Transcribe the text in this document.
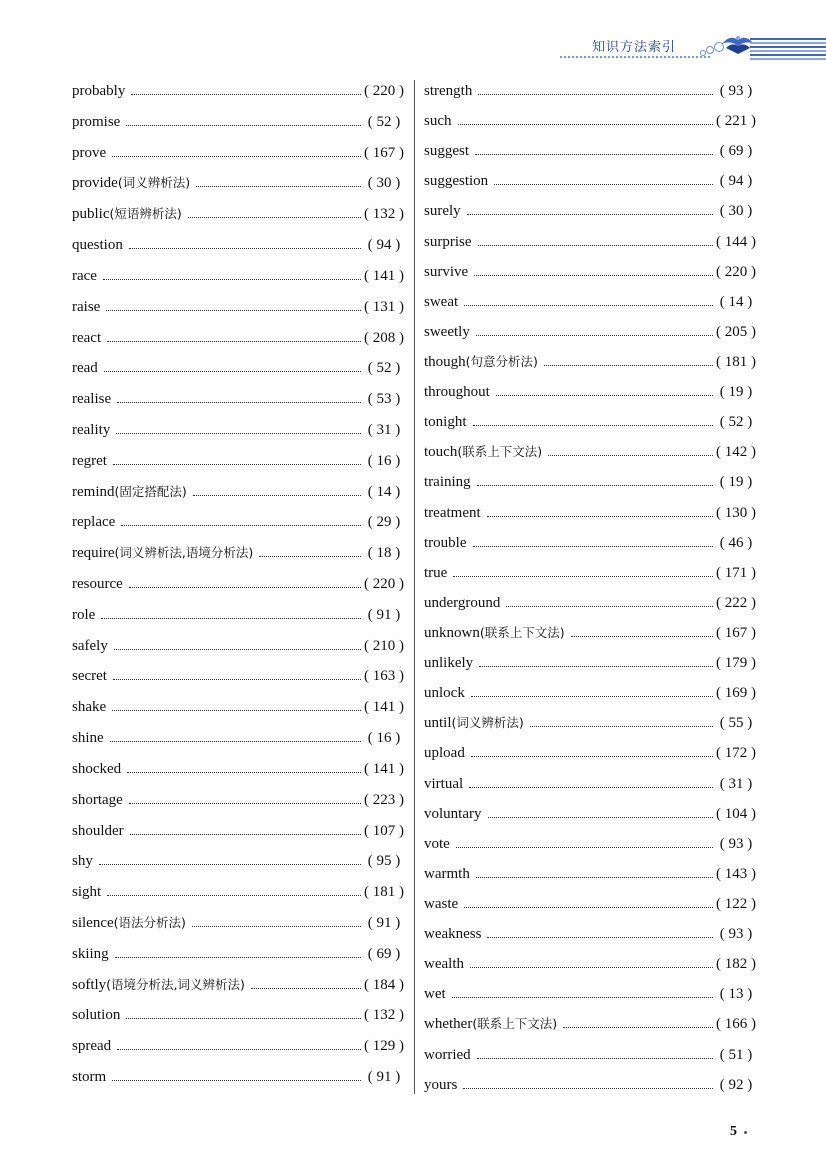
知识方法索引
probably	( 220 )
promise	( 52 )
prove	( 167 )
provide(词义辨析法)	( 30 )
public(短语辨析法)	( 132 )
question	( 94 )
race	( 141 )
raise	( 131 )
react	( 208 )
read	( 52 )
realise	( 53 )
reality	( 31 )
regret	( 16 )
remind(固定搭配法)	( 14 )
replace	( 29 )
require(词义辨析法,语境分析法)	( 18 )
resource	( 220 )
role	( 91 )
safely	( 210 )
secret	( 163 )
shake	( 141 )
shine	( 16 )
shocked	( 141 )
shortage	( 223 )
shoulder	( 107 )
shy	( 95 )
sight	( 181 )
silence(语法分析法)	( 91 )
skiing	( 69 )
softly(语境分析法,词义辨析法)	( 184 )
solution	( 132 )
spread	( 129 )
storm	( 91 )
strength	( 93 )
such	( 221 )
suggest	( 69 )
suggestion	( 94 )
surely	( 30 )
surprise	( 144 )
survive	( 220 )
sweat	( 14 )
sweetly	( 205 )
though(句意分析法)	( 181 )
throughout	( 19 )
tonight	( 52 )
touch(联系上下文法)	( 142 )
training	( 19 )
treatment	( 130 )
trouble	( 46 )
true	( 171 )
underground	( 222 )
unknown(联系上下文法)	( 167 )
unlikely	( 179 )
unlock	( 169 )
until(词义辨析法)	( 55 )
upload	( 172 )
virtual	( 31 )
voluntary	( 104 )
vote	( 93 )
warmth	( 143 )
waste	( 122 )
weakness	( 93 )
wealth	( 182 )
wet	( 13 )
whether(联系上下文法)	( 166 )
worried	( 51 )
yours	( 92 )
5
